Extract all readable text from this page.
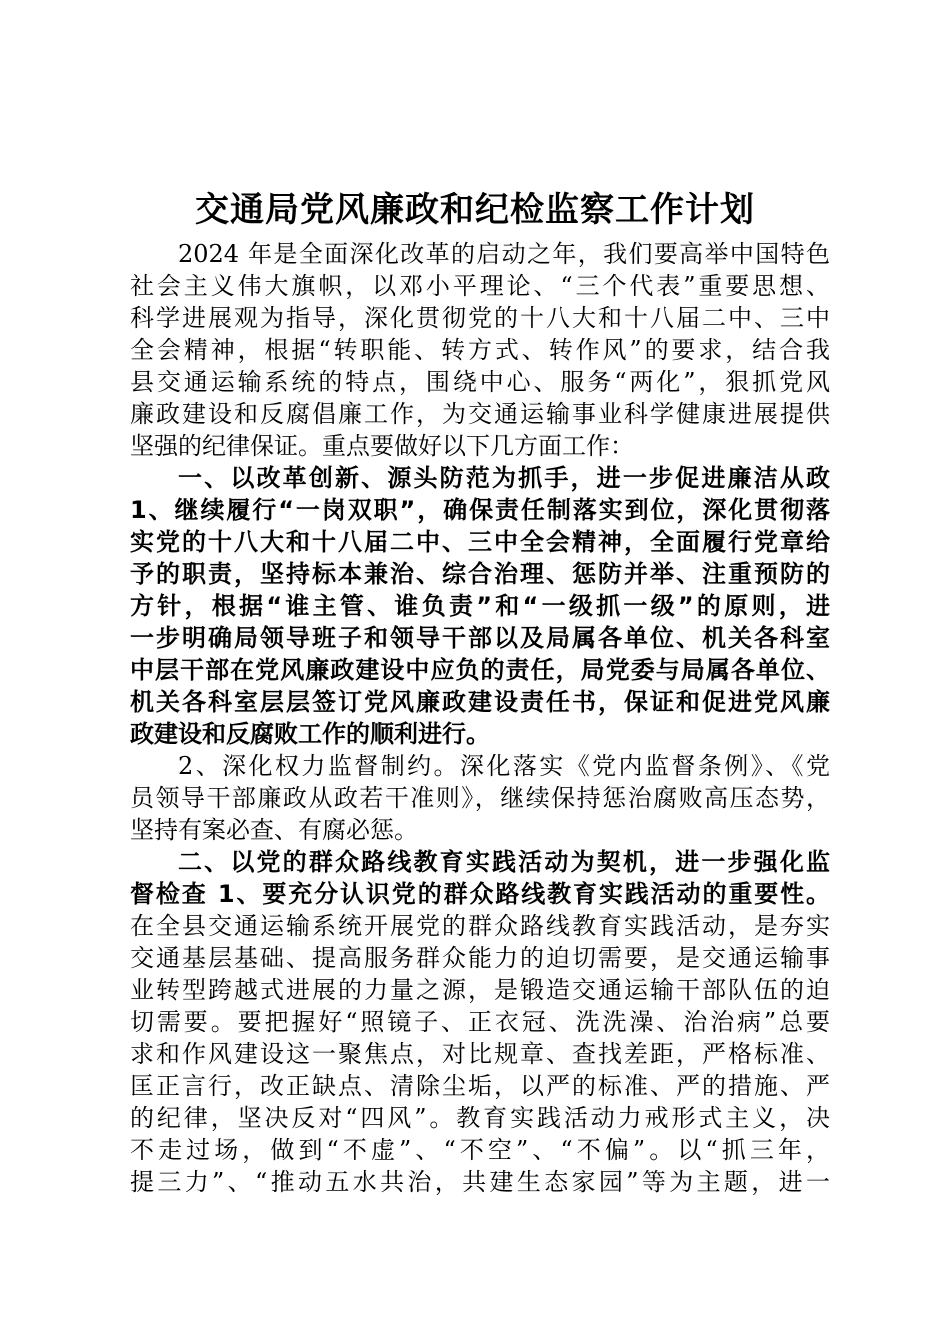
交通局党风廉政和纪检监察工作计划
2024 年是全面深化改革的启动之年，我们要高举中国特色
社会主义伟大旗帜，以邓小平理论、“三个代表”重要思想、
科学进展观为指导，深化贯彻党的十八大和十八届二中、三中
全会精神，根据“转职能、转方式、转作风”的要求，结合我
县交通运输系统的特点，围绕中心、服务“两化”，狠抓党风
廉政建设和反腐倡廉工作，为交通运输事业科学健康进展提供
坚强的纪律保证。重点要做好以下几方面工作：
一、以改革创新、源头防范为抓手，进一步促进廉洁从政
1、继续履行“一岗双职”，确保责任制落实到位，深化贯彻落
实党的十八大和十八届二中、三中全会精神，全面履行党章给
予的职责，坚持标本兼治、综合治理、惩防并举、注重预防的
方针，根据“谁主管、谁负责”和“一级抓一级”的原则，进
一步明确局领导班子和领导干部以及局属各单位、机关各科室
中层干部在党风廉政建设中应负的责任，局党委与局属各单位、
机关各科室层层签订党风廉政建设责任书，保证和促进党风廉
政建设和反腐败工作的顺利进行。
2、深化权力监督制约。深化落实《党内监督条例》、《党
员领导干部廉政从政若干准则》，继续保持惩治腐败高压态势，
坚持有案必查、有腐必惩。
二、以党的群众路线教育实践活动为契机，进一步强化监
督检查 1、要充分认识党的群众路线教育实践活动的重要性。
在全县交通运输系统开展党的群众路线教育实践活动，是夯实
交通基层基础、提高服务群众能力的迫切需要，是交通运输事
业转型跨越式进展的力量之源，是锻造交通运输干部队伍的迫
切需要。要把握好“照镜子、正衣冠、洗洗澡、治治病”总要
求和作风建设这一聚焦点，对比规章、查找差距，严格标准、
匡正言行，改正缺点、清除尘垢，以严的标准、严的措施、严
的纪律，坚决反对“四风”。教育实践活动力戒形式主义，决
不走过场，做到“不虚”、“不空”、“不偏”。以“抓三年，
提三力”、“推动五水共治，共建生态家园”等为主题，进一
